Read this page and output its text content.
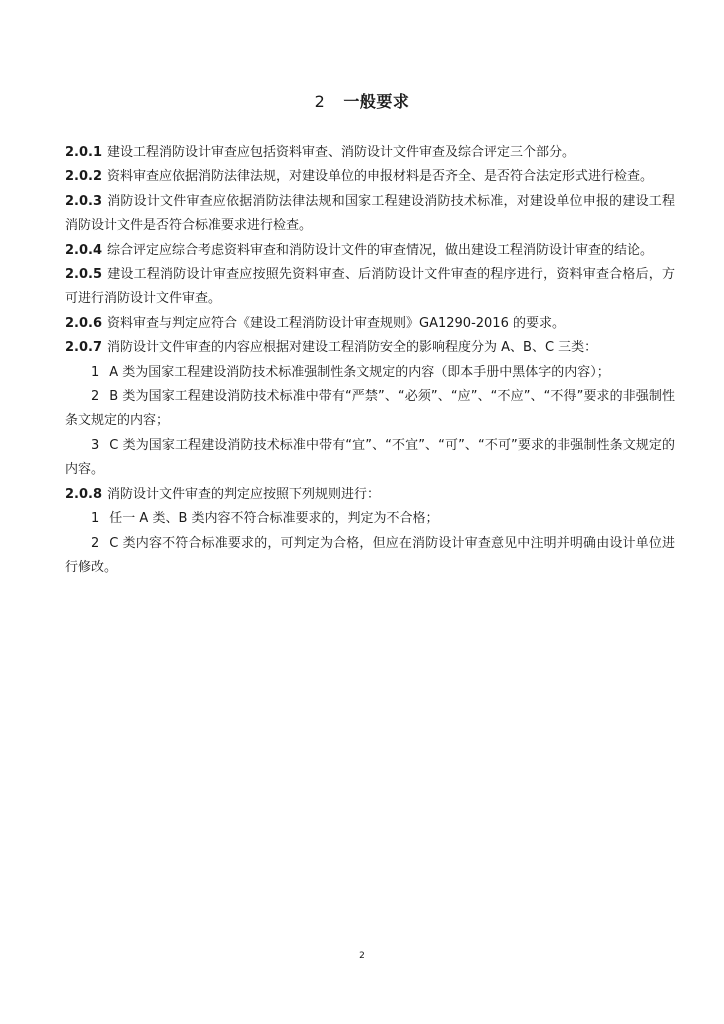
2 一般要求

2.0.1 建设工程消防设计审查应包括资料审查、消防设计文件审查及综合评定三个部分。

2.0.2 资料审查应依据消防法律法规，对建设单位的申报材料是否齐全、是否符合法定形式进行检查。

2.0.3 消防设计文件审查应依据消防法律法规和国家工程建设消防技术标准，对建设单位申报的建设工程消防设计文件是否符合标准要求进行检查。

2.0.4 综合评定应综合考虑资料审查和消防设计文件的审查情况，做出建设工程消防设计审查的结论。

2.0.5 建设工程消防设计审查应按照先资料审查、后消防设计文件审查的程序进行，资料审查合格后，方可进行消防设计文件审查。

2.0.6 资料审查与判定应符合《建设工程消防设计审查规则》GA1290-2016 的要求。

2.0.7 消防设计文件审查的内容应根据对建设工程消防安全的影响程度分为 A、B、C 三类：

1 A 类为国家工程建设消防技术标准强制性条文规定的内容（即本手册中黑体字的内容）；

2 B 类为国家工程建设消防技术标准中带有“严禁”、“必须”、“应”、“不应”、“不得”要求的非强制性条文规定的内容；

3 C 类为国家工程建设消防技术标准中带有“宜”、“不宜”、“可”、“不可”要求的非强制性条文规定的内容。

2.0.8 消防设计文件审查的判定应按照下列规则进行：

1 任一 A 类、B 类内容不符合标准要求的，判定为不合格；

2 C 类内容不符合标准要求的，可判定为合格，但应在消防设计审查意见中注明并明确由设计单位进行修改。

2
